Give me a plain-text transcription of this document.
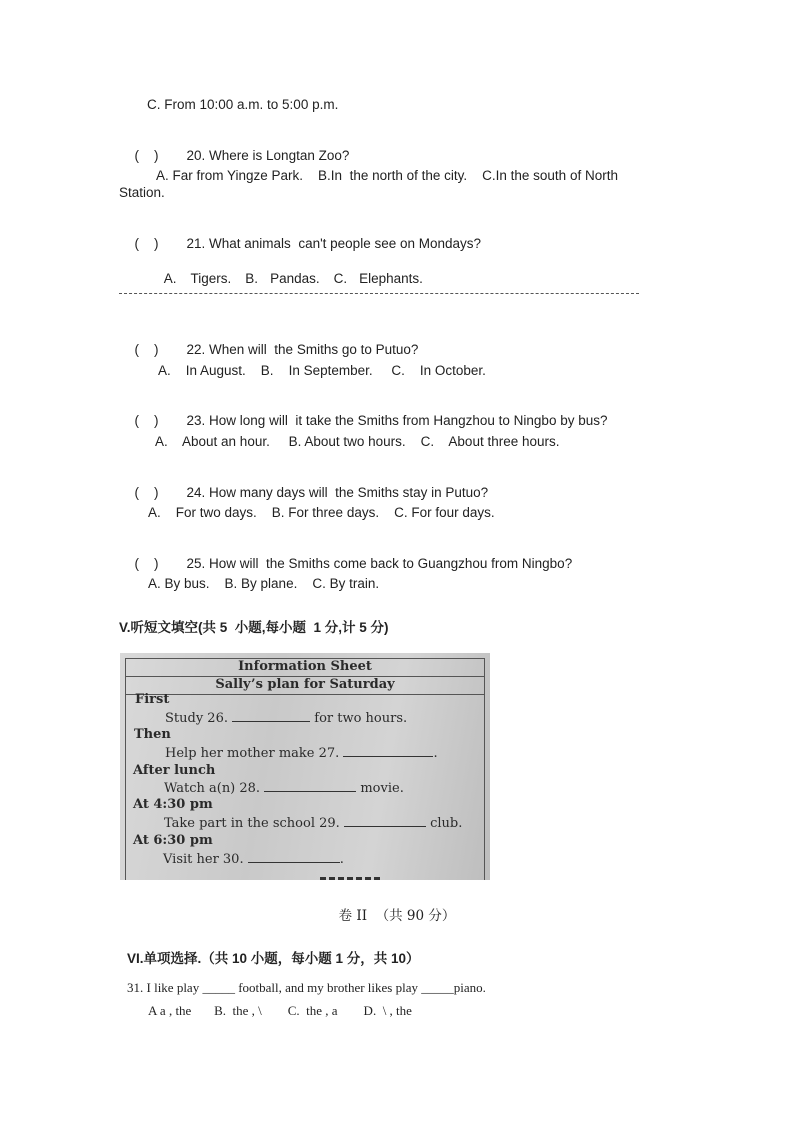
C. From 10:00 a.m. to 5:00 p.m.

(    ) 20. Where is Longtan Zoo?

A. Far from Yingze Park.    B.In  the north of the city.    C.In the south of North
Station.

(    ) 21. What animals  can't people see on Mondays?

A. Tigers. B. Pandas. C. Elephants.

(    ) 22. When will  the Smiths go to Putuo?

A.    In August.    B.    In September.     C.    In October.

(    ) 23. How long will  it take the Smiths from Hangzhou to Ningbo by bus?

A.    About an hour.     B. About two hours.    C.    About three hours.

(    ) 24. How many days will  the Smiths stay in Putuo?

A.    For two days.    B. For three days.    C. For four days.

(    ) 25. How will  the Smiths come back to Guangzhou from Ningbo?

A. By bus.    B. By plane.    C. By train.
V.听短文填空(共 5  小题,每小题  1 分,计 5 分)
Information Sheet
Sally’s plan for Saturday
First
Study 26.	for two hours.
Then
Help her mother make 27.	.
After lunch
Watch a(n) 28.	movie.
At 4:30 pm
Take part in the school 29.	club.
At 6:30 pm
Visit her 30.	.
卷 II  （共 90 分）
VI.单项选择.（共 10 小题，每小题 1 分，共 10）
31. I like play _____ football, and my brother likes play _____piano.
A a , the       B.  the , \        C.  the , a        D.  \ , the
